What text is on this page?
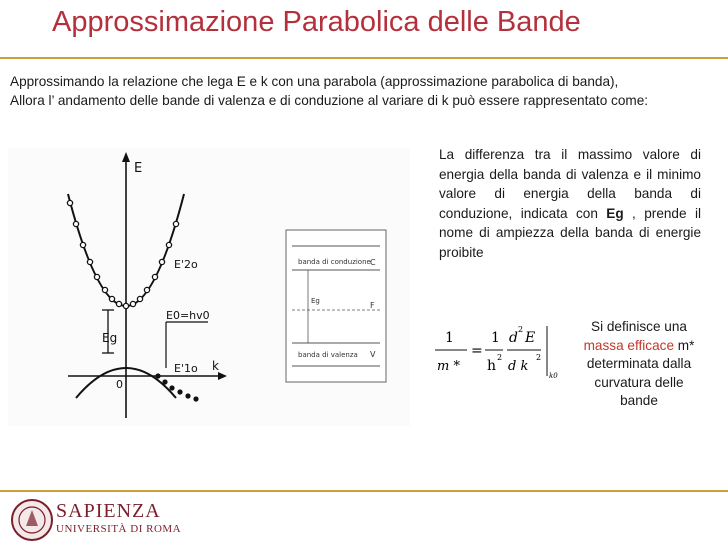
Approssimazione Parabolica delle Bande
Approssimando la relazione che lega E e k con una parabola (approssimazione parabolica di banda),
Allora l’ andamento delle bande di valenza e di conduzione al variare di k può essere rappresentato come:
E
k
Eg
E0=hv0
E'2o
E'1o
0
banda di conduzione C
Eg	F
banda di valenza V
La differenza tra il massimo valore di energia della banda di valenza e il minimo valore di energia della banda di conduzione, indicata con Eg , prende il nome di ampiezza della banda di energie proibite
1
m *
=
1
h
2
d
2
E
d k
2
k0
Si definisce una
massa efficace m*
determinata dalla
curvatura delle
bande
SAPIENZA
UNIVERSITÀ DI ROMA
